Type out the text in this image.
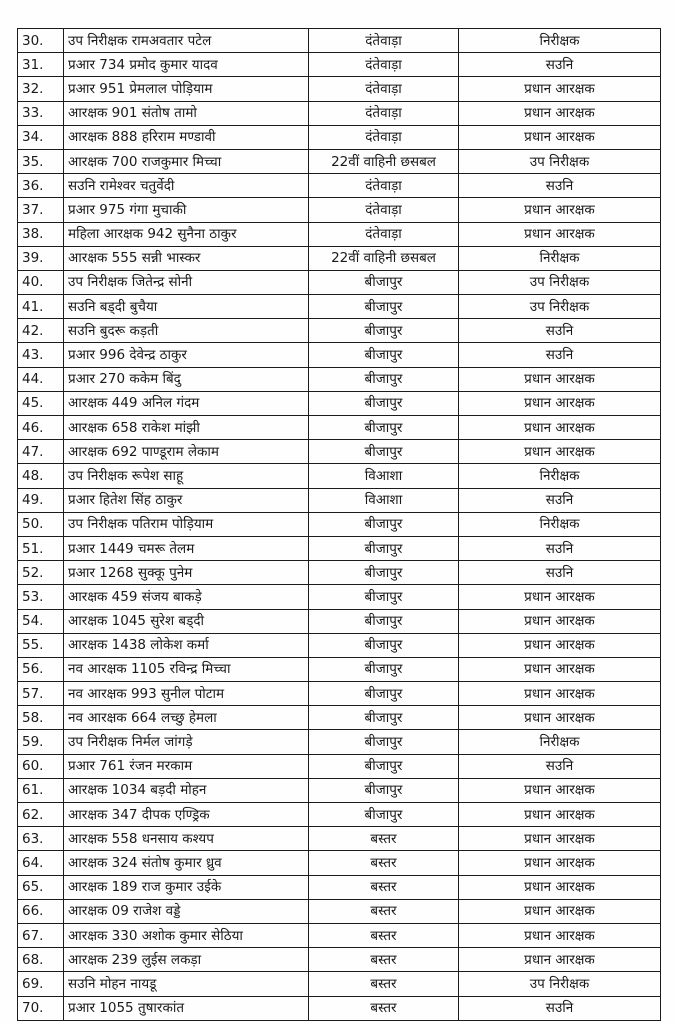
30.	उप निरीक्षक रामअवतार पटेल	दंतेवाड़ा	निरीक्षक
31.	प्रआर 734 प्रमोद कुमार यादव	दंतेवाड़ा	सउनि
32.	प्रआर 951 प्रेमलाल पोड़ियाम	दंतेवाड़ा	प्रधान आरक्षक
33.	आरक्षक 901 संतोष तामो	दंतेवाड़ा	प्रधान आरक्षक
34.	आरक्षक 888 हरिराम मण्डावी	दंतेवाड़ा	प्रधान आरक्षक
35.	आरक्षक 700 राजकुमार मिच्चा	22वीं वाहिनी छसबल	उप निरीक्षक
36.	सउनि रामेश्वर चतुर्वेदी	दंतेवाड़ा	सउनि
37.	प्रआर 975 गंगा मुचाकी	दंतेवाड़ा	प्रधान आरक्षक
38.	महिला आरक्षक 942 सुनैना ठाकुर	दंतेवाड़ा	प्रधान आरक्षक
39.	आरक्षक 555 सन्नी भास्कर	22वीं वाहिनी छसबल	निरीक्षक
40.	उप निरीक्षक जितेन्द्र सोनी	बीजापुर	उप निरीक्षक
41.	सउनि बड्दी बुचैया	बीजापुर	उप निरीक्षक
42.	सउनि बुदरू कड़ती	बीजापुर	सउनि
43.	प्रआर 996 देवेन्द्र ठाकुर	बीजापुर	सउनि
44.	प्रआर 270 ककेम बिंदु	बीजापुर	प्रधान आरक्षक
45.	आरक्षक 449 अनिल गंदम	बीजापुर	प्रधान आरक्षक
46.	आरक्षक 658 राकेश मांझी	बीजापुर	प्रधान आरक्षक
47.	आरक्षक 692 पाण्डूराम लेकाम	बीजापुर	प्रधान आरक्षक
48.	उप निरीक्षक रूपेश साहू	विआशा	निरीक्षक
49.	प्रआर हितेश सिंह ठाकुर	विआशा	सउनि
50.	उप निरीक्षक पतिराम पोड़ियाम	बीजापुर	निरीक्षक
51.	प्रआर 1449 चमरू तेलम	बीजापुर	सउनि
52.	प्रआर 1268 सुक्कू पुनेम	बीजापुर	सउनि
53.	आरक्षक 459 संजय बाकड़े	बीजापुर	प्रधान आरक्षक
54.	आरक्षक 1045 सुरेश बड्दी	बीजापुर	प्रधान आरक्षक
55.	आरक्षक 1438 लोकेश कर्मा	बीजापुर	प्रधान आरक्षक
56.	नव आरक्षक 1105 रविन्द्र मिच्चा	बीजापुर	प्रधान आरक्षक
57.	नव आरक्षक 993 सुनील पोटाम	बीजापुर	प्रधान आरक्षक
58.	नव आरक्षक 664 लच्छु हेमला	बीजापुर	प्रधान आरक्षक
59.	उप निरीक्षक निर्मल जांगड़े	बीजापुर	निरीक्षक
60.	प्रआर 761 रंजन मरकाम	बीजापुर	सउनि
61.	आरक्षक 1034 बड़दी मोहन	बीजापुर	प्रधान आरक्षक
62.	आरक्षक 347 दीपक एण्ड्रिक	बीजापुर	प्रधान आरक्षक
63.	आरक्षक 558 धनसाय कश्यप	बस्तर	प्रधान आरक्षक
64.	आरक्षक 324 संतोष कुमार ध्रुव	बस्तर	प्रधान आरक्षक
65.	आरक्षक 189 राज कुमार उईके	बस्तर	प्रधान आरक्षक
66.	आरक्षक 09 राजेश वड्डे	बस्तर	प्रधान आरक्षक
67.	आरक्षक 330 अशोक कुमार सेठिया	बस्तर	प्रधान आरक्षक
68.	आरक्षक 239 लुईस लकड़ा	बस्तर	प्रधान आरक्षक
69.	सउनि मोहन नायडू	बस्तर	उप निरीक्षक
70.	प्रआर 1055 तुषारकांत	बस्तर	सउनि
